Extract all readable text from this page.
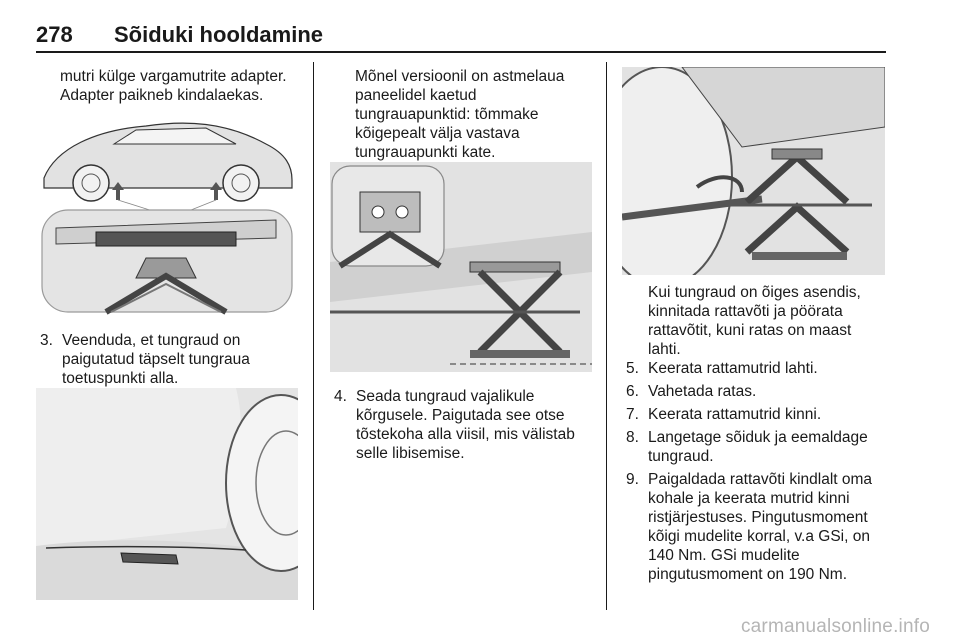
278 Sõiduki hooldamine

mutri külge vargamutrite adapter. Adapter paikneb kindalaekas.

3. Veenduda, et tungraud on paigutatud täpselt tungraua toetuspunkti alla.

Mõnel versioonil on astmelaua paneelidel kaetud tungrauapunktid: tõmmake kõigepealt välja vastava tungrauapunkti kate.

4. Seada tungraud vajalikule kõrgusele. Paigutada see otse tõstekoha alla viisil, mis välistab selle libisemise.

Kui tungraud on õiges asendis, kinnitada rattavõti ja pöörata rattavõtit, kuni ratas on maast lahti.

5. Keerata rattamutrid lahti.
6. Vahetada ratas.
7. Keerata rattamutrid kinni.
8. Langetage sõiduk ja eemaldage tungraud.
9. Paigaldada rattavõti kindlalt oma kohale ja keerata mutrid kinni ristjärjestuses. Pingutusmoment kõigi mudelite korral, v.a GSi, on 140 Nm. GSi mudelite pingutusmoment on 190 Nm.
carmanualsonline.info
